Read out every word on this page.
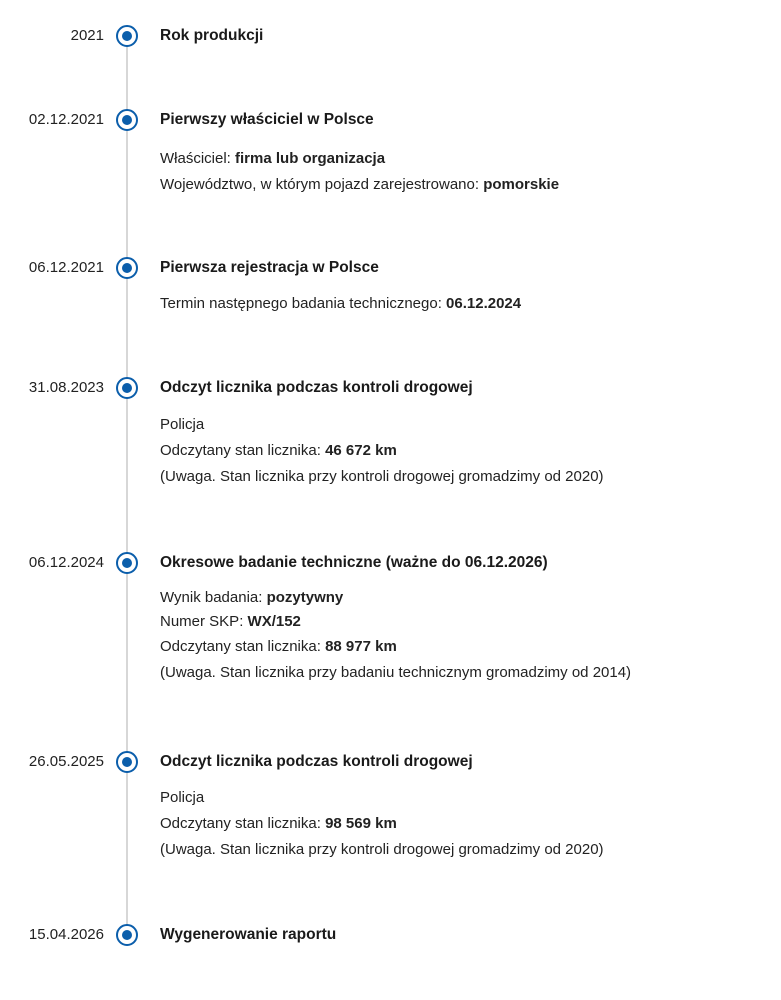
2021	Rok produkcji
02.12.2021	Pierwszy właściciel w Polsce
Właściciel: firma lub organizacja
Województwo, w którym pojazd zarejestrowano: pomorskie
06.12.2021	Pierwsza rejestracja w Polsce
Termin następnego badania technicznego: 06.12.2024
31.08.2023	Odczyt licznika podczas kontroli drogowej
Policja
Odczytany stan licznika: 46 672 km
(Uwaga. Stan licznika przy kontroli drogowej gromadzimy od 2020)
06.12.2024	Okresowe badanie techniczne (ważne do 06.12.2026)
Wynik badania: pozytywny
Numer SKP: WX/152
Odczytany stan licznika: 88 977 km
(Uwaga. Stan licznika przy badaniu technicznym gromadzimy od 2014)
26.05.2025	Odczyt licznika podczas kontroli drogowej
Policja
Odczytany stan licznika: 98 569 km
(Uwaga. Stan licznika przy kontroli drogowej gromadzimy od 2020)
15.04.2026	Wygenerowanie raportu
